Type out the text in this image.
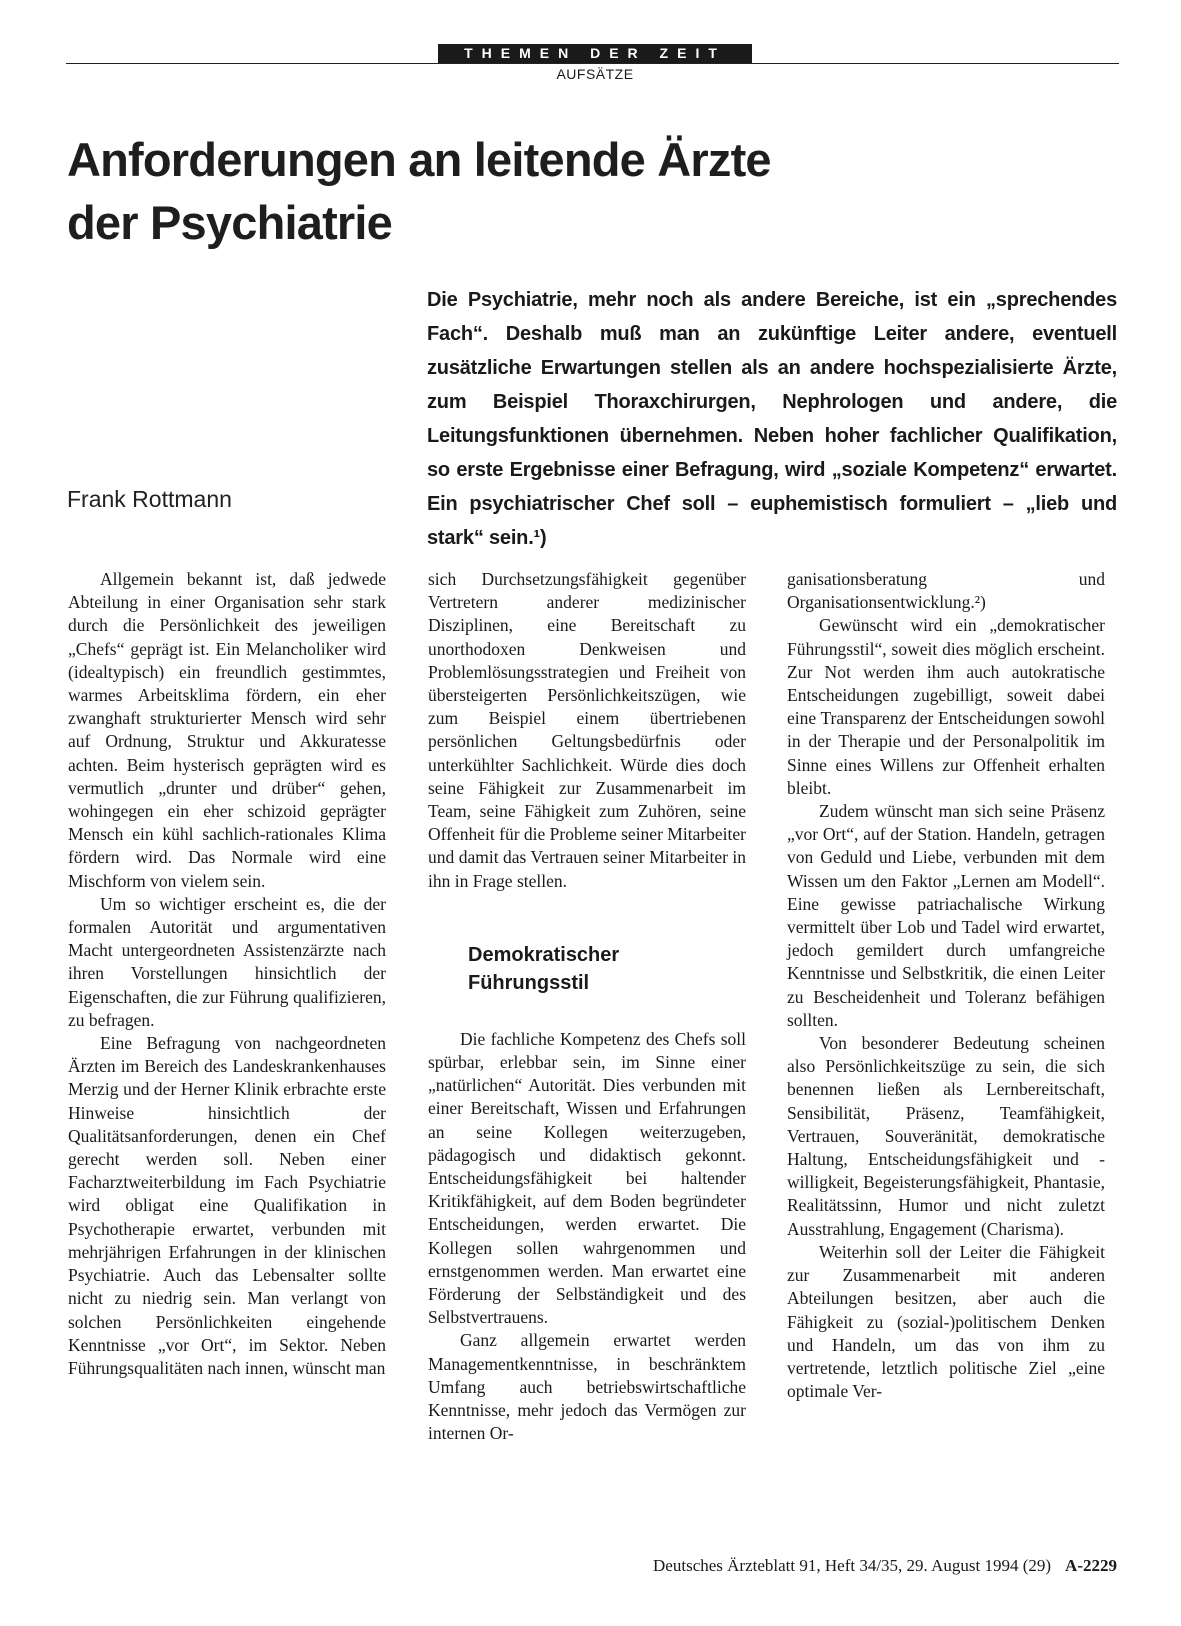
THEMEN DER ZEIT
AUFSÄTZE
Anforderungen an leitende Ärzte
der Psychiatrie

Die Psychiatrie, mehr noch als andere Bereiche, ist ein „sprechendes Fach“. Deshalb muß man an zukünftige Leiter andere, eventuell zusätzliche Erwartungen stellen als an andere hochspezialisierte Ärzte, zum Beispiel Thoraxchirurgen, Nephrologen und andere, die Leitungsfunktionen übernehmen. Neben hoher fachlicher Qualifikation, so erste Ergebnisse einer Befragung, wird „soziale Kompetenz“ erwartet. Ein psychiatrischer Chef soll – euphemistisch formuliert – „lieb und stark“ sein.¹)

Frank Rottmann

Allgemein bekannt ist, daß jedwede Abteilung in einer Organisation sehr stark durch die Persönlichkeit des jeweiligen „Chefs“ geprägt ist. Ein Melancholiker wird (idealtypisch) ein freundlich gestimmtes, warmes Arbeitsklima fördern, ein eher zwanghaft strukturierter Mensch wird sehr auf Ordnung, Struktur und Akkuratesse achten. Beim hysterisch geprägten wird es vermutlich „drunter und drüber“ gehen, wohingegen ein eher schizoid geprägter Mensch ein kühl sachlich-rationales Klima fördern wird. Das Normale wird eine Mischform von vielem sein.

Um so wichtiger erscheint es, die der formalen Autorität und argumentativen Macht untergeordneten Assistenzärzte nach ihren Vorstellungen hinsichtlich der Eigenschaften, die zur Führung qualifizieren, zu befragen.

Eine Befragung von nachgeordneten Ärzten im Bereich des Landeskrankenhauses Merzig und der Herner Klinik erbrachte erste Hinweise hinsichtlich der Qualitätsanforderungen, denen ein Chef gerecht werden soll. Neben einer Facharztweiterbildung im Fach Psychiatrie wird obligat eine Qualifikation in Psychotherapie erwartet, verbunden mit mehrjährigen Erfahrungen in der klinischen Psychiatrie. Auch das Lebensalter sollte nicht zu niedrig sein. Man verlangt von solchen Persönlichkeiten eingehende Kenntnisse „vor Ort“, im Sektor. Neben Führungsqualitäten nach innen, wünscht man

sich Durchsetzungsfähigkeit gegenüber Vertretern anderer medizinischer Disziplinen, eine Bereitschaft zu unorthodoxen Denkweisen und Problemlösungsstrategien und Freiheit von übersteigerten Persönlichkeitszügen, wie zum Beispiel einem übertriebenen persönlichen Geltungsbedürfnis oder unterkühlter Sachlichkeit. Würde dies doch seine Fähigkeit zur Zusammenarbeit im Team, seine Fähigkeit zum Zuhören, seine Offenheit für die Probleme seiner Mitarbeiter und damit das Vertrauen seiner Mitarbeiter in ihn in Frage stellen.

Demokratischer
Führungsstil

Die fachliche Kompetenz des Chefs soll spürbar, erlebbar sein, im Sinne einer „natürlichen“ Autorität. Dies verbunden mit einer Bereitschaft, Wissen und Erfahrungen an seine Kollegen weiterzugeben, pädagogisch und didaktisch gekonnt. Entscheidungsfähigkeit bei haltender Kritikfähigkeit, auf dem Boden begründeter Entscheidungen, werden erwartet. Die Kollegen sollen wahrgenommen und ernstgenommen werden. Man erwartet eine Förderung der Selbständigkeit und des Selbstvertrauens.

Ganz allgemein erwartet werden Managementkenntnisse, in beschränktem Umfang auch betriebswirtschaftliche Kenntnisse, mehr jedoch das Vermögen zur internen Or-

ganisationsberatung und Organisationsentwicklung.²)

Gewünscht wird ein „demokratischer Führungsstil“, soweit dies möglich erscheint. Zur Not werden ihm auch autokratische Entscheidungen zugebilligt, soweit dabei eine Transparenz der Entscheidungen sowohl in der Therapie und der Personalpolitik im Sinne eines Willens zur Offenheit erhalten bleibt.

Zudem wünscht man sich seine Präsenz „vor Ort“, auf der Station. Handeln, getragen von Geduld und Liebe, verbunden mit dem Wissen um den Faktor „Lernen am Modell“. Eine gewisse patriachalische Wirkung vermittelt über Lob und Tadel wird erwartet, jedoch gemildert durch umfangreiche Kenntnisse und Selbstkritik, die einen Leiter zu Bescheidenheit und Toleranz befähigen sollten.

Von besonderer Bedeutung scheinen also Persönlichkeitszüge zu sein, die sich benennen ließen als Lernbereitschaft, Sensibilität, Präsenz, Teamfähigkeit, Vertrauen, Souveränität, demokratische Haltung, Entscheidungsfähigkeit und -willigkeit, Begeisterungsfähigkeit, Phantasie, Realitätssinn, Humor und nicht zuletzt Ausstrahlung, Engagement (Charisma).

Weiterhin soll der Leiter die Fähigkeit zur Zusammenarbeit mit anderen Abteilungen besitzen, aber auch die Fähigkeit zu (sozial-)politischem Denken und Handeln, um das von ihm zu vertretende, letztlich politische Ziel „eine optimale Ver-

Deutsches Ärzteblatt 91, Heft 34/35, 29. August 1994 (29) A-2229
